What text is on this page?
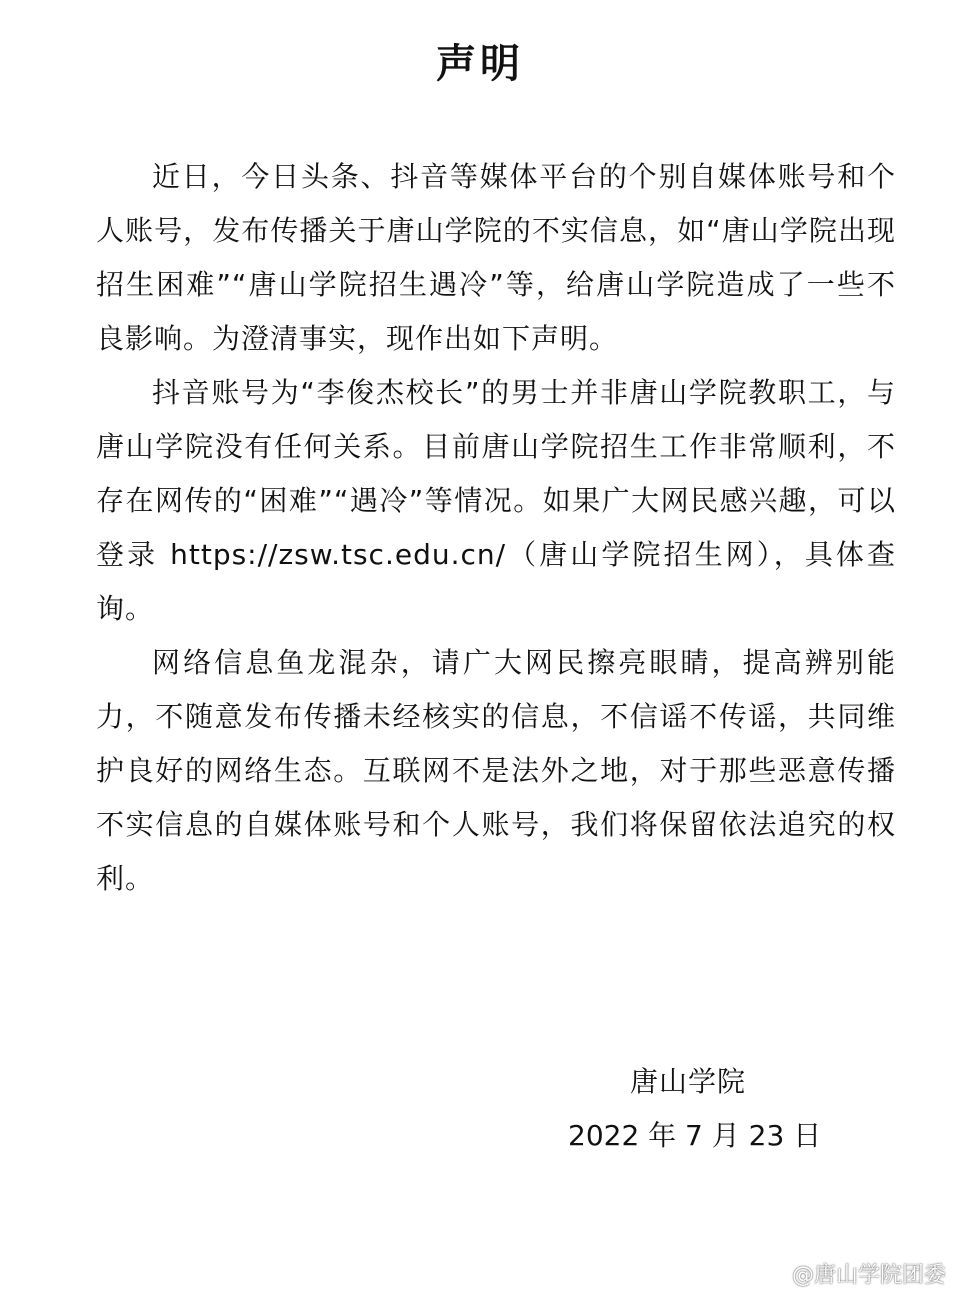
声明

近日，今日头条、抖音等媒体平台的个别自媒体账号和个人账号，发布传播关于唐山学院的不实信息，如“唐山学院出现招生困难”“唐山学院招生遇冷”等，给唐山学院造成了一些不良影响。为澄清事实，现作出如下声明。

抖音账号为“李俊杰校长”的男士并非唐山学院教职工，与唐山学院没有任何关系。目前唐山学院招生工作非常顺利，不存在网传的“困难”“遇冷”等情况。如果广大网民感兴趣，可以登录 https://zsw.tsc.edu.cn/（唐山学院招生网），具体查询。

网络信息鱼龙混杂，请广大网民擦亮眼睛，提高辨别能力，不随意发布传播未经核实的信息，不信谣不传谣，共同维护良好的网络生态。互联网不是法外之地，对于那些恶意传播不实信息的自媒体账号和个人账号，我们将保留依法追究的权利。

唐山学院
2022 年 7 月 23 日
@唐山学院团委
